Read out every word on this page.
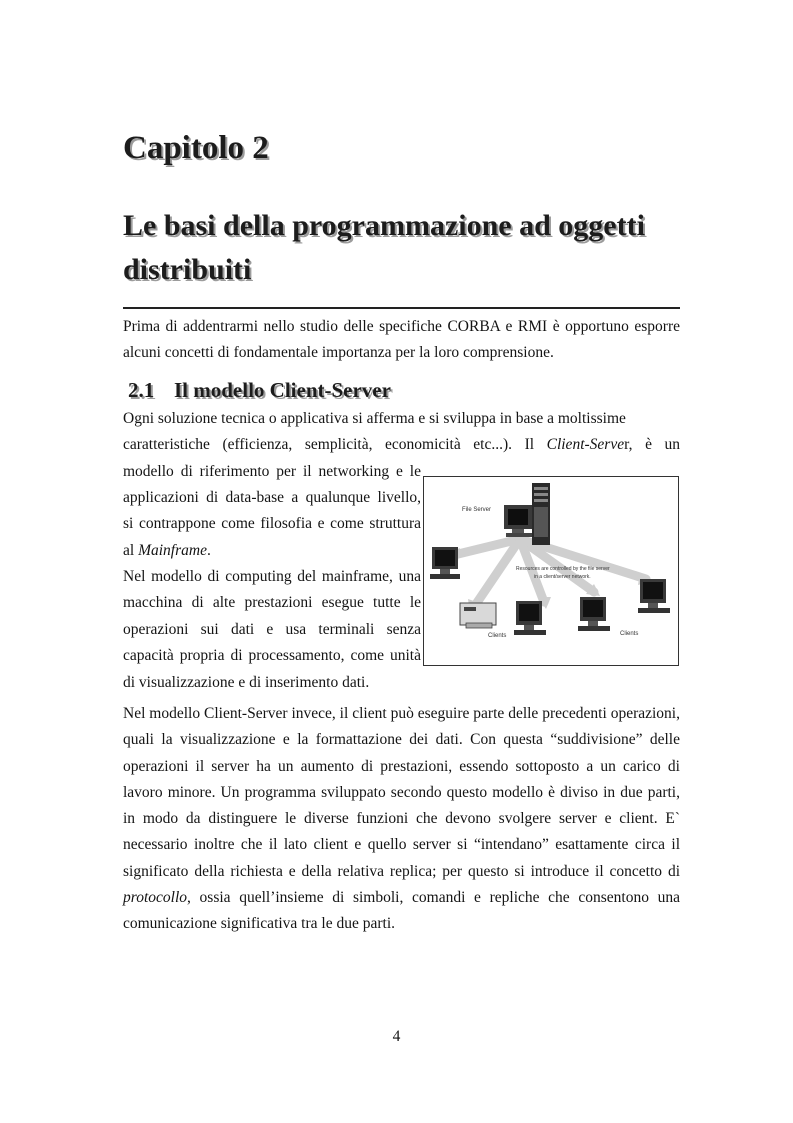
Capitolo 2
Le basi della programmazione ad oggetti distribuiti

Prima di addentrarmi nello studio delle specifiche CORBA e RMI è opportuno esporre alcuni concetti di fondamentale importanza per la loro comprensione.

2.1 Il modello Client-Server

Ogni soluzione tecnica o applicativa si afferma e si sviluppa in base a moltissime

caratteristiche (efficienza, semplicità, economicità etc...). Il Client-Server, è un

modello di riferimento per il networking e le

applicazioni di data-base a qualunque livello,

si contrappone come filosofia e come struttura

al Mainframe.

Nel modello di computing del mainframe, una

macchina di alte prestazioni esegue tutte le

operazioni sui dati e usa terminali senza

capacità propria di processamento, come unità

di visualizzazione e di inserimento dati.

Nel modello Client-Server invece, il client può eseguire parte delle precedenti operazioni, quali la visualizzazione e la formattazione dei dati. Con questa “suddivisione” delle operazioni il server ha un aumento di prestazioni, essendo sottoposto a un carico di lavoro minore. Un programma sviluppato secondo questo modello è diviso in due parti, in modo da distinguere le diverse funzioni che devono svolgere server e client. E` necessario inoltre che il lato client e quello server si “intendano” esattamente circa il significato della richiesta e della relativa replica; per questo si introduce il concetto di protocollo, ossia quell’insieme di simboli, comandi e repliche che consentono una comunicazione significativa tra le due parti.

File Server
Resources are controlled by the file server
in a client/server network.
Clients	Clients
4
